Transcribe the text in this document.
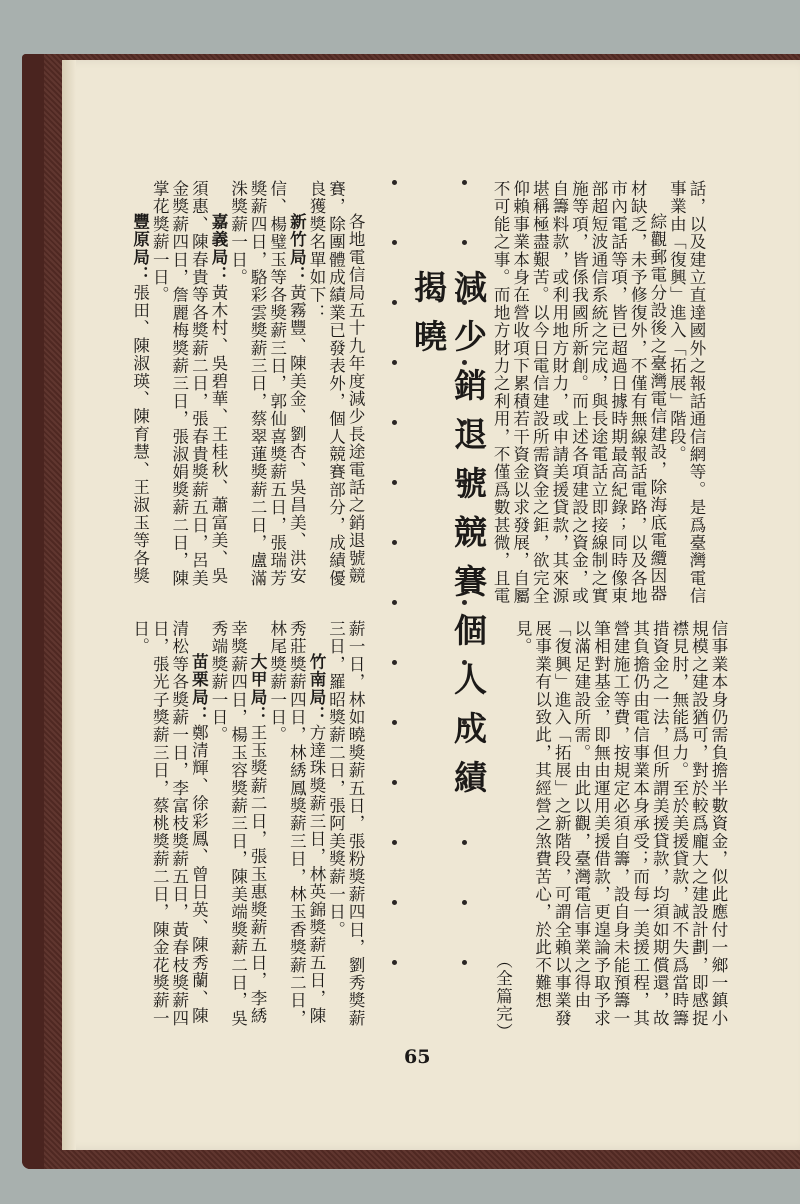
話，以及建立直達國外之報話通信網等。是爲臺灣電信事業由「復興」進入「拓展」階段。

綜觀郵電分設後之臺灣電信建設，除海底電纜因器材缺乏，未予修復外，不僅有無線報話電路，以及各地市內電話等項，皆已超過日據時期最高紀錄；同時像東部超短波通信系統之完成，與長途電話立即接線制之實施等項，皆係我國所新創。而上述各項建設之資金，或自籌料款，或利用地方財力，或申請美援貸款，其來源堪稱極盡艱苦。以今日電信建設所需資金之鉅，欲完全仰賴事業本身在營收項下累積若干資金以求發展，自屬不可能之事。而地方財力之利用，不僅爲數甚微，且電

信事業本身仍需負擔半數資金，似此應付一鄉一鎮小規模之建設猶可，對於較爲龐大之建設計劃，即感捉襟見肘，無能爲力。至於美援貸款，誠不失爲當時籌措資金之一法，但所謂美援貸款，均須如期償還，故其負擔仍由電信事業本身承受；而每一美援工程，其營建施工等費，按規定必須自籌，設自身未能預籌一筆相對基金，即無由運用美援借款，更遑論予取予求以滿足建設所需。由此以觀，臺灣電信事業之得由「復興」進入「拓展」之新階段，可謂全賴以事業發展事業有以致此，其經營之煞費苦心，於此不難想見。

（全篇完）

減少銷退號競賽個人成績揭曉

各地電信局五十九年度減少長途電話之銷退號競賽，除團體成績業已發表外，個人競賽部分，成績優良獲獎名單如下：

新竹局：黃霧豐、陳美金、劉杏、吳昌美、洪安信、楊璧玉等各獎薪三日，郭仙喜獎薪五日，張瑞芳獎薪四日，駱彩雲獎薪三日，蔡翠蓮獎薪二日，盧滿洙獎薪一日。

嘉義局：黃木村、吳碧華、王桂秋、蕭富美、吳須惠、陳春貴等各獎薪二日，張春貴獎薪五日，呂美金獎薪四日，詹麗梅獎薪三日，張淑娟獎薪二日，陳掌花獎薪一日。

豐原局：張田、陳淑瑛、陳育慧、王淑玉等各獎

薪一日，林如曉獎薪五日，張粉獎薪四日，劉秀獎薪三日，羅昭獎薪二日，張阿美獎薪一日。

竹南局：方達珠獎薪三日，林英錦獎薪五日，陳秀莊獎薪四日，林綉鳳獎薪三日，林玉香獎薪二日，林尾獎薪一日。

大甲局：王玉獎薪二日，張玉惠獎薪五日，李綉幸獎薪四日，楊玉容獎薪三日，陳美端獎薪二日，吳秀端獎薪一日。

苗栗局：鄭清輝、徐彩鳳、曾日英、陳秀蘭、陳清松等各獎薪一日，李富枝獎薪五日，黃春枝獎薪四日，張光子獎薪三日，蔡桃獎薪二日，陳金花獎薪一日。

65
